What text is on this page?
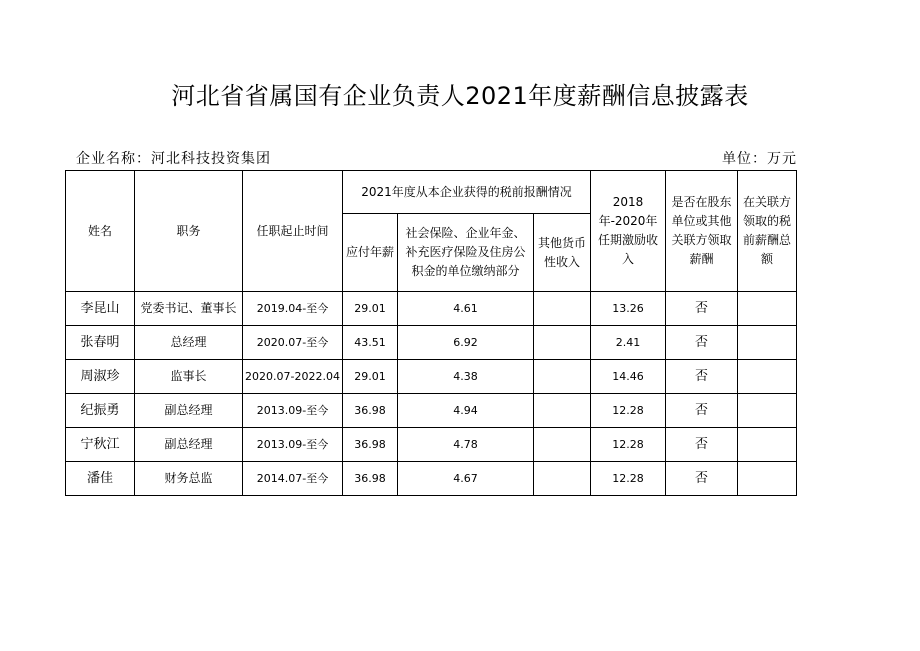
河北省省属国有企业负责人2021年度薪酬信息披露表
企业名称：河北科技投资集团	单位：万元
姓名	职务	任职起止时间	2021年度从本企业获得的税前报酬情况			2018年-2020年任期激励收入	是否在股东单位或其他关联方领取薪酬	在关联方领取的税前薪酬总额
			应付年薪	社会保险、企业年金、补充医疗保险及住房公积金的单位缴纳部分	其他货币性收入			
李昆山	党委书记、董事长	2019.04-至今	29.01	4.61		13.26	否	
张春明	总经理	2020.07-至今	43.51	6.92		2.41	否	
周淑珍	监事长	2020.07-2022.04	29.01	4.38		14.46	否	
纪振勇	副总经理	2013.09-至今	36.98	4.94		12.28	否	
宁秋江	副总经理	2013.09-至今	36.98	4.78		12.28	否	
潘佳	财务总监	2014.07-至今	36.98	4.67		12.28	否	
